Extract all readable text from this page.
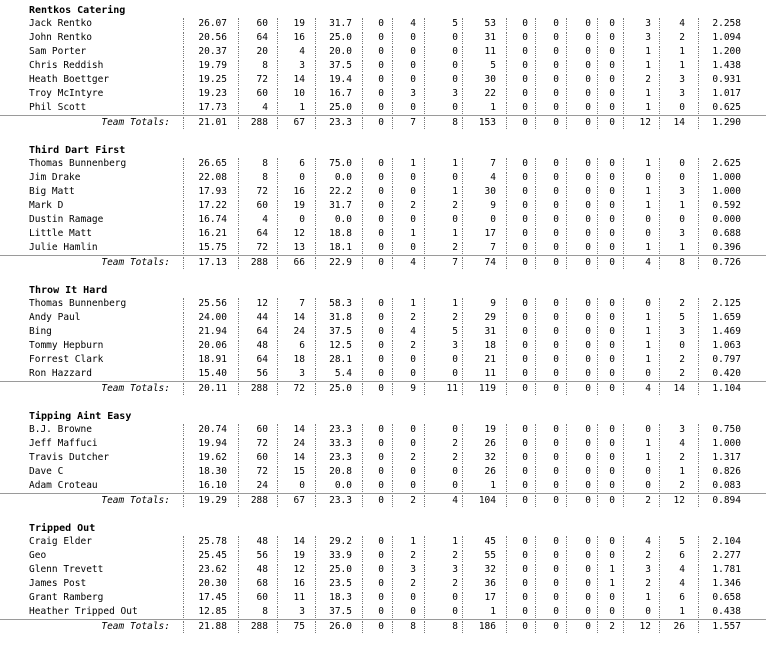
Rentkos Catering
Jack Rentko	26.07	60	19	31.7	0	4	5	53	0	0	0	0	3	4	2.258
John Rentko	20.56	64	16	25.0	0	0	0	31	0	0	0	0	3	2	1.094
Sam Porter	20.37	20	4	20.0	0	0	0	11	0	0	0	0	1	1	1.200
Chris Reddish	19.79	8	3	37.5	0	0	0	5	0	0	0	0	1	1	1.438
Heath Boettger	19.25	72	14	19.4	0	0	0	30	0	0	0	0	2	3	0.931
Troy McIntyre	19.23	60	10	16.7	0	3	3	22	0	0	0	0	1	3	1.017
Phil Scott	17.73	4	1	25.0	0	0	0	1	0	0	0	0	1	0	0.625
Team Totals:	21.01	288	67	23.3	0	7	8	153	0	0	0	0	12	14	1.290
Third Dart First
Thomas Bunnenberg	26.65	8	6	75.0	0	1	1	7	0	0	0	0	1	0	2.625
Jim Drake	22.08	8	0	0.0	0	0	0	4	0	0	0	0	0	0	1.000
Big Matt	17.93	72	16	22.2	0	0	1	30	0	0	0	0	1	3	1.000
Mark D	17.22	60	19	31.7	0	2	2	9	0	0	0	0	1	1	0.592
Dustin Ramage	16.74	4	0	0.0	0	0	0	0	0	0	0	0	0	0	0.000
Little Matt	16.21	64	12	18.8	0	1	1	17	0	0	0	0	0	3	0.688
Julie Hamlin	15.75	72	13	18.1	0	0	2	7	0	0	0	0	1	1	0.396
Team Totals:	17.13	288	66	22.9	0	4	7	74	0	0	0	0	4	8	0.726
Throw It Hard
Thomas Bunnenberg	25.56	12	7	58.3	0	1	1	9	0	0	0	0	0	2	2.125
Andy Paul	24.00	44	14	31.8	0	2	2	29	0	0	0	0	1	5	1.659
Bing	21.94	64	24	37.5	0	4	5	31	0	0	0	0	1	3	1.469
Tommy Hepburn	20.06	48	6	12.5	0	2	3	18	0	0	0	0	1	0	1.063
Forrest Clark	18.91	64	18	28.1	0	0	0	21	0	0	0	0	1	2	0.797
Ron Hazzard	15.40	56	3	5.4	0	0	0	11	0	0	0	0	0	2	0.420
Team Totals:	20.11	288	72	25.0	0	9	11	119	0	0	0	0	4	14	1.104
Tipping Aint Easy
B.J. Browne	20.74	60	14	23.3	0	0	0	19	0	0	0	0	0	3	0.750
Jeff Maffuci	19.94	72	24	33.3	0	0	2	26	0	0	0	0	1	4	1.000
Travis Dutcher	19.62	60	14	23.3	0	2	2	32	0	0	0	0	1	2	1.317
Dave C	18.30	72	15	20.8	0	0	0	26	0	0	0	0	0	1	0.826
Adam Croteau	16.10	24	0	0.0	0	0	0	1	0	0	0	0	0	2	0.083
Team Totals:	19.29	288	67	23.3	0	2	4	104	0	0	0	0	2	12	0.894
Tripped Out
Craig Elder	25.78	48	14	29.2	0	1	1	45	0	0	0	0	4	5	2.104
Geo	25.45	56	19	33.9	0	2	2	55	0	0	0	0	2	6	2.277
Glenn Trevett	23.62	48	12	25.0	0	3	3	32	0	0	0	1	3	4	1.781
James Post	20.30	68	16	23.5	0	2	2	36	0	0	0	1	2	4	1.346
Grant Ramberg	17.45	60	11	18.3	0	0	0	17	0	0	0	0	1	6	0.658
Heather Tripped Out	12.85	8	3	37.5	0	0	0	1	0	0	0	0	0	1	0.438
Team Totals:	21.88	288	75	26.0	0	8	8	186	0	0	0	2	12	26	1.557
